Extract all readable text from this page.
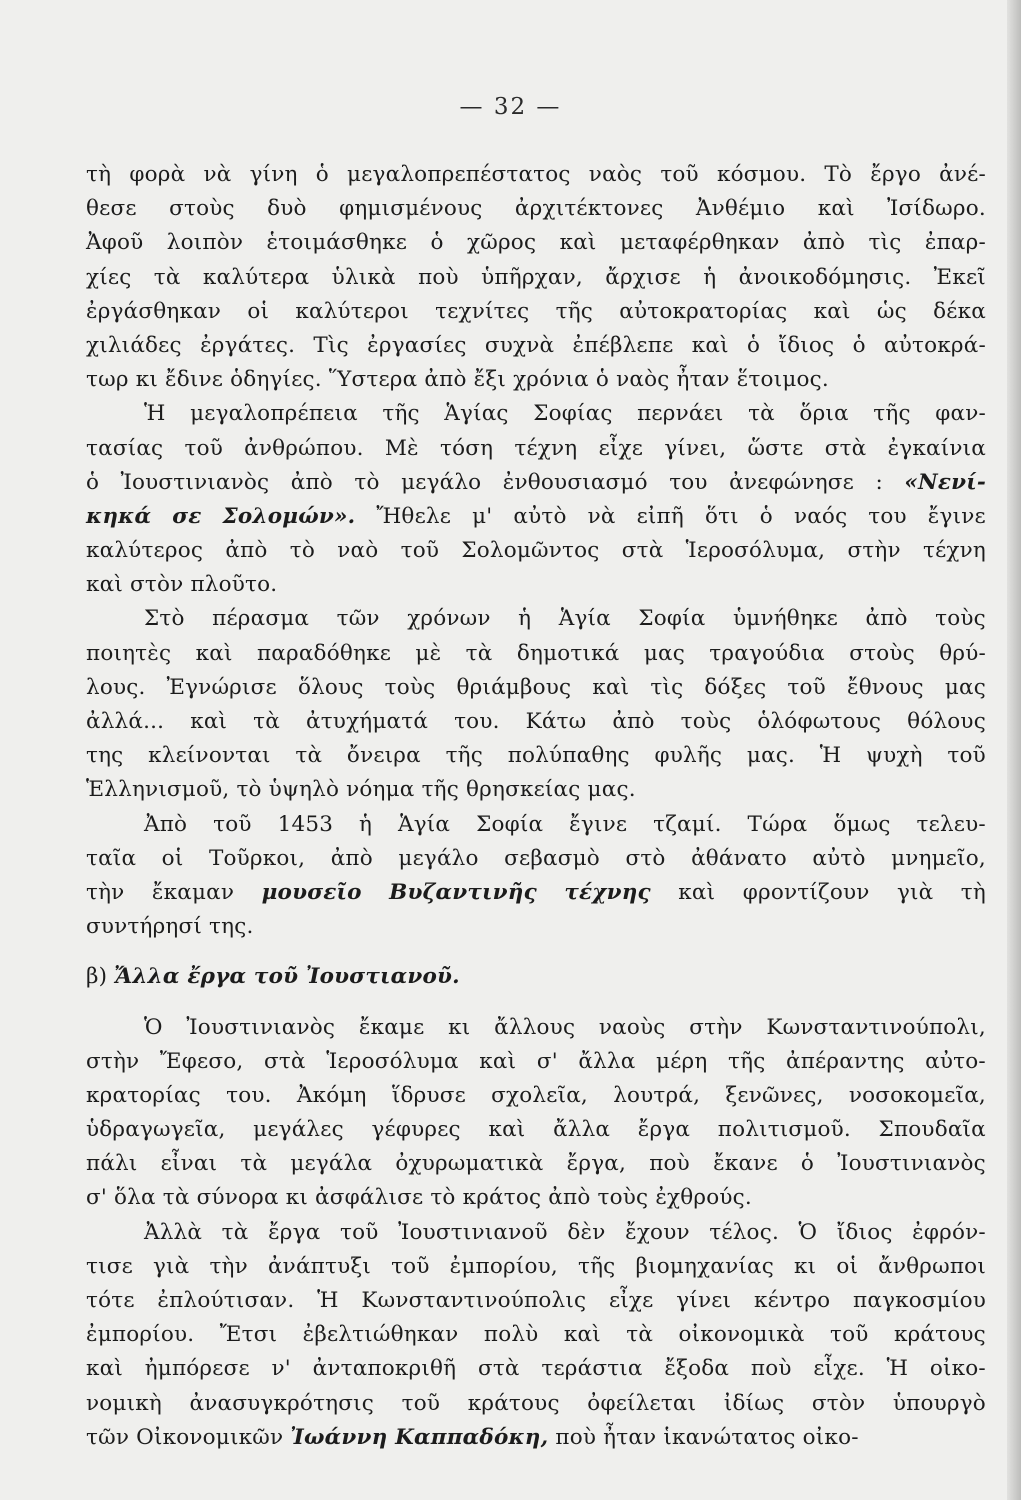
— 32 —
τὴ φορὰ νὰ γίνη ὁ μεγαλοπρεπέστατος ναὸς τοῦ κόσμου. Τὸ ἔργο ἀνέ-
θεσε στοὺς δυὸ φημισμένους ἀρχιτέκτονες Ἀνθέμιο καὶ Ἰσίδωρο.
Ἀφοῦ λοιπὸν ἑτοιμάσθηκε ὁ χῶρος καὶ μεταφέρθηκαν ἀπὸ τὶς ἐπαρ-
χίες τὰ καλύτερα ὑλικὰ ποὺ ὑπῆρχαν, ἄρχισε ἡ ἀνοικοδόμησις. Ἐκεῖ
ἐργάσθηκαν οἱ καλύτεροι τεχνίτες τῆς αὐτοκρατορίας καὶ ὡς δέκα
χιλιάδες ἐργάτες. Τὶς ἐργασίες συχνὰ ἐπέβλεπε καὶ ὁ ἴδιος ὁ αὐτοκρά-
τωρ κι ἔδινε ὁδηγίες. Ὕστερα ἀπὸ ἔξι χρόνια ὁ ναὸς ἦταν ἕτοιμος.
Ἡ μεγαλοπρέπεια τῆς Ἁγίας Σοφίας περνάει τὰ ὅρια τῆς φαν-
τασίας τοῦ ἀνθρώπου. Μὲ τόση τέχνη εἶχε γίνει, ὥστε στὰ ἐγκαίνια
ὁ Ἰουστινιανὸς ἀπὸ τὸ μεγάλο ἐνθουσιασμό του ἀνεφώνησε : «Νενί-
κηκά σε Σολομών». Ἤθελε μ' αὐτὸ νὰ εἰπῆ ὅτι ὁ ναός του ἔγινε
καλύτερος ἀπὸ τὸ ναὸ τοῦ Σολομῶντος στὰ Ἱεροσόλυμα, στὴν τέχνη
καὶ στὸν πλοῦτο.
Στὸ πέρασμα τῶν χρόνων ἡ Ἁγία Σοφία ὑμνήθηκε ἀπὸ τοὺς
ποιητὲς καὶ παραδόθηκε μὲ τὰ δημοτικά μας τραγούδια στοὺς θρύ-
λους. Ἐγνώρισε ὅλους τοὺς θριάμβους καὶ τὶς δόξες τοῦ ἔθνους μας
ἀλλά... καὶ τὰ ἀτυχήματά του. Κάτω ἀπὸ τοὺς ὁλόφωτους θόλους
της κλείνονται τὰ ὄνειρα τῆς πολύπαθης φυλῆς μας. Ἡ ψυχὴ τοῦ
Ἑλληνισμοῦ, τὸ ὑψηλὸ νόημα τῆς θρησκείας μας.
Ἀπὸ τοῦ 1453 ἡ Ἁγία Σοφία ἔγινε τζαμί. Τώρα ὅμως τελευ-
ταῖα οἱ Τοῦρκοι, ἀπὸ μεγάλο σεβασμὸ στὸ ἀθάνατο αὐτὸ μνημεῖο,
τὴν ἔκαμαν μουσεῖο Βυζαντινῆς τέχνης καὶ φροντίζουν γιὰ τὴ
συντήρησί της.
β)
Ἄλλα ἔργα τοῦ Ἰουστιανοῦ.
Ὁ Ἰουστινιανὸς ἔκαμε κι ἄλλους ναοὺς στὴν Κωνσταντινούπολι,
στὴν Ἔφεσο, στὰ Ἱεροσόλυμα καὶ σ' ἄλλα μέρη τῆς ἀπέραντης αὐτο-
κρατορίας του. Ἀκόμη ἵδρυσε σχολεῖα, λουτρά, ξενῶνες, νοσοκομεῖα,
ὑδραγωγεῖα, μεγάλες γέφυρες καὶ ἄλλα ἔργα πολιτισμοῦ. Σπουδαῖα
πάλι εἶναι τὰ μεγάλα ὀχυρωματικὰ ἔργα, ποὺ ἔκανε ὁ Ἰουστινιανὸς
σ' ὅλα τὰ σύνορα κι ἀσφάλισε τὸ κράτος ἀπὸ τοὺς ἐχθρούς.
Ἀλλὰ τὰ ἔργα τοῦ Ἰουστινιανοῦ δὲν ἔχουν τέλος. Ὁ ἴδιος ἐφρόν-
τισε γιὰ τὴν ἀνάπτυξι τοῦ ἐμπορίου, τῆς βιομηχανίας κι οἱ ἄνθρωποι
τότε ἐπλούτισαν. Ἡ Κωνσταντινούπολις εἶχε γίνει κέντρο παγκοσμίου
ἐμπορίου. Ἔτσι ἐβελτιώθηκαν πολὺ καὶ τὰ οἰκονομικὰ τοῦ κράτους
καὶ ἠμπόρεσε ν' ἀνταποκριθῆ στὰ τεράστια ἔξοδα ποὺ εἶχε. Ἡ οἰκο-
νομικὴ ἀνασυγκρότησις τοῦ κράτους ὀφείλεται ἰδίως στὸν ὑπουργὸ
τῶν Οἰκονομικῶν Ἰωάννη Καππαδόκη, ποὺ ἦταν ἱκανώτατος οἰκο-
